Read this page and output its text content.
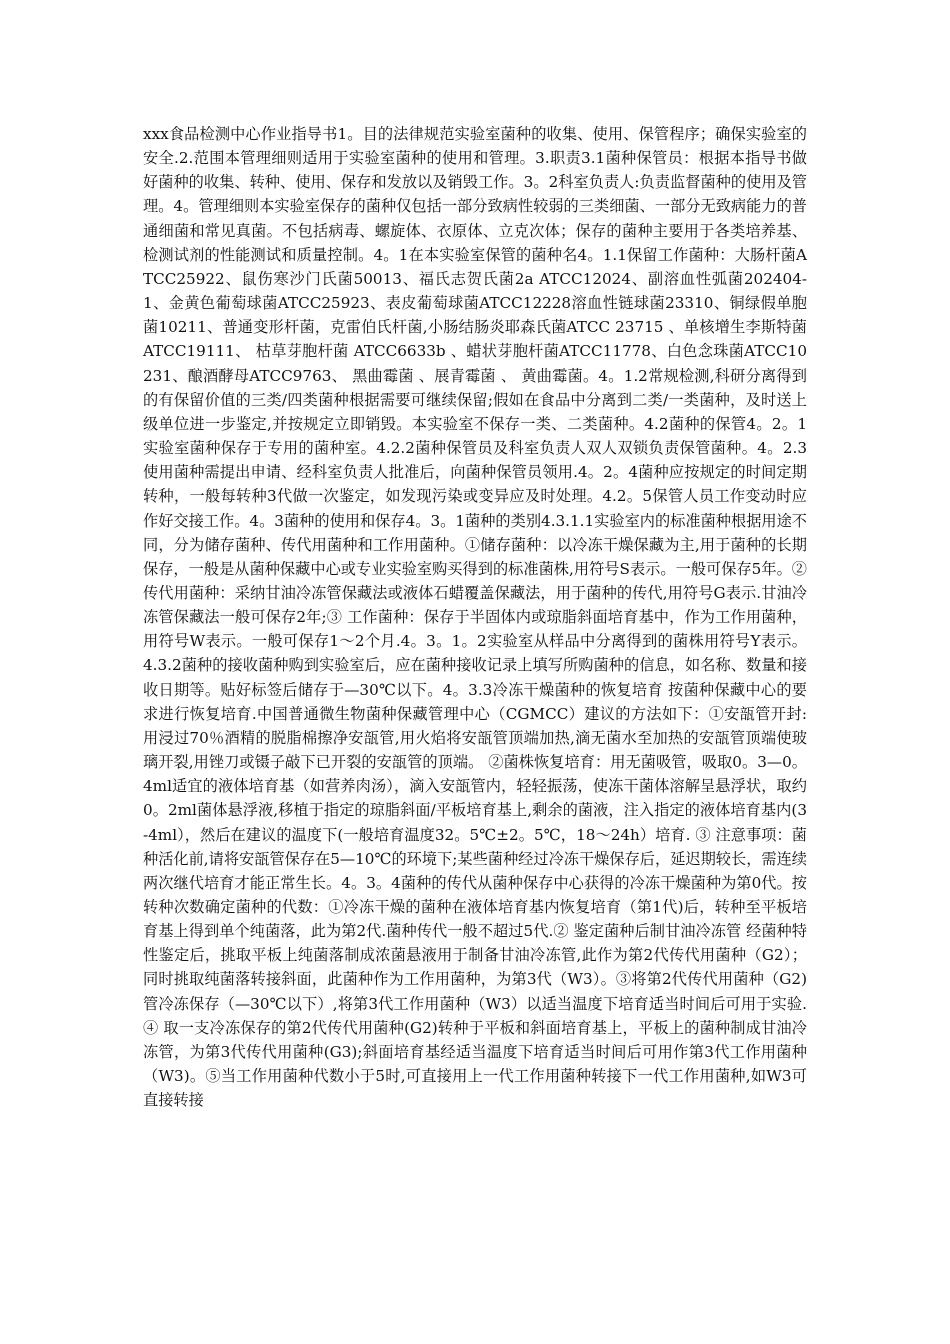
xxx食品检测中心作业指导书1。目的法律规范实验室菌种的收集、使用、保管程序；确保实验室的安全.2.范围本管理细则适用于实验室菌种的使用和管理。3.职责3.1菌种保管员：根据本指导书做好菌种的收集、转种、使用、保存和发放以及销毁工作。3。2科室负责人:负责监督菌种的使用及管理。4。管理细则本实验室保存的菌种仅包括一部分致病性较弱的三类细菌、一部分无致病能力的普通细菌和常见真菌。不包括病毒、螺旋体、衣原体、立克次体；保存的菌种主要用于各类培养基、检测试剂的性能测试和质量控制。4。1在本实验室保管的菌种名4。1.1保留工作菌种：大肠杆菌ATCC25922、鼠伤寒沙门氏菌50013、福氏志贺氏菌2a ATCC12024、副溶血性弧菌202404-1、金黄色葡萄球菌ATCC25923、表皮葡萄球菌ATCC12228溶血性链球菌23310、铜绿假单胞菌10211、普通变形杆菌，克雷伯氏杆菌,小肠结肠炎耶森氏菌ATCC 23715 、单核增生李斯特菌ATCC19111、 枯草芽胞杆菌 ATCC6633b 、蜡状芽胞杆菌ATCC11778、白色念珠菌ATCC10231、酿酒酵母ATCC9763、 黑曲霉菌 、展青霉菌 、 黄曲霉菌。4。1.2常规检测,科研分离得到的有保留价值的三类/四类菌种根据需要可继续保留;假如在食品中分离到二类/一类菌种，及时送上级单位进一步鉴定,并按规定立即销毁。本实验室不保存一类、二类菌种。4.2菌种的保管4。2。1实验室菌种保存于专用的菌种室。4.2.2菌种保管员及科室负责人双人双锁负责保管菌种。4。2.3使用菌种需提出申请、经科室负责人批准后，向菌种保管员领用.4。2。4菌种应按规定的时间定期转种，一般每转种3代做一次鉴定，如发现污染或变异应及时处理。4.2。5保管人员工作变动时应作好交接工作。4。3菌种的使用和保存4。3。1菌种的类别4.3.1.1实验室内的标准菌种根据用途不同，分为储存菌种、传代用菌种和工作用菌种。①储存菌种：以冷冻干燥保藏为主,用于菌种的长期保存，一般是从菌种保藏中心或专业实验室购买得到的标准菌株,用符号S表示。一般可保存5年。②传代用菌种：采纳甘油冷冻管保藏法或液体石蜡覆盖保藏法，用于菌种的传代,用符号G表示.甘油冷冻管保藏法一般可保存2年;③ 工作菌种：保存于半固体内或琼脂斜面培育基中，作为工作用菌种，用符号W表示。一般可保存1～2个月.4。3。1。2实验室从样品中分离得到的菌株用符号Y表示。4.3.2菌种的接收菌种购到实验室后，应在菌种接收记录上填写所购菌种的信息，如名称、数量和接收日期等。贴好标签后储存于—30℃以下。4。3.3冷冻干燥菌种的恢复培育 按菌种保藏中心的要求进行恢复培育.中国普通微生物菌种保藏管理中心（CGMCC）建议的方法如下：①安瓿管开封:用浸过70％酒精的脱脂棉擦净安瓿管,用火焰将安瓿管顶端加热,滴无菌水至加热的安瓿管顶端使玻璃开裂,用锉刀或镊子敲下已开裂的安瓿管的顶端。 ②菌株恢复培育：用无菌吸管，吸取0。3—0。4ml适宜的液体培育基（如营养肉汤），滴入安瓿管内，轻轻振荡，使冻干菌体溶解呈悬浮状，取约0。2ml菌体悬浮液,移植于指定的琼脂斜面/平板培育基上,剩余的菌液，注入指定的液体培育基内(3-4ml），然后在建议的温度下(一般培育温度32。5℃±2。5℃，18～24h）培育. ③ 注意事项：菌种活化前,请将安瓿管保存在5—10℃的环境下;某些菌种经过冷冻干燥保存后，延迟期较长，需连续两次继代培育才能正常生长。4。3。4菌种的传代从菌种保存中心获得的冷冻干燥菌种为第0代。按转种次数确定菌种的代数：①冷冻干燥的菌种在液体培育基内恢复培育（第1代)后，转种至平板培育基上得到单个纯菌落，此为第2代.菌种传代一般不超过5代.② 鉴定菌种后制甘油冷冻管 经菌种特性鉴定后，挑取平板上纯菌落制成浓菌悬液用于制备甘油冷冻管,此作为第2代传代用菌种（G2）；同时挑取纯菌落转接斜面，此菌种作为工作用菌种，为第3代（W3）。③将第2代传代用菌种（G2)管冷冻保存（—30℃以下）,将第3代工作用菌种（W3）以适当温度下培育适当时间后可用于实验.④ 取一支冷冻保存的第2代传代用菌种(G2)转种于平板和斜面培育基上，平板上的菌种制成甘油冷冻管，为第3代传代用菌种(G3);斜面培育基经适当温度下培育适当时间后可用作第3代工作用菌种（W3)。⑤当工作用菌种代数小于5时,可直接用上一代工作用菌种转接下一代工作用菌种,如W3可直接转接
